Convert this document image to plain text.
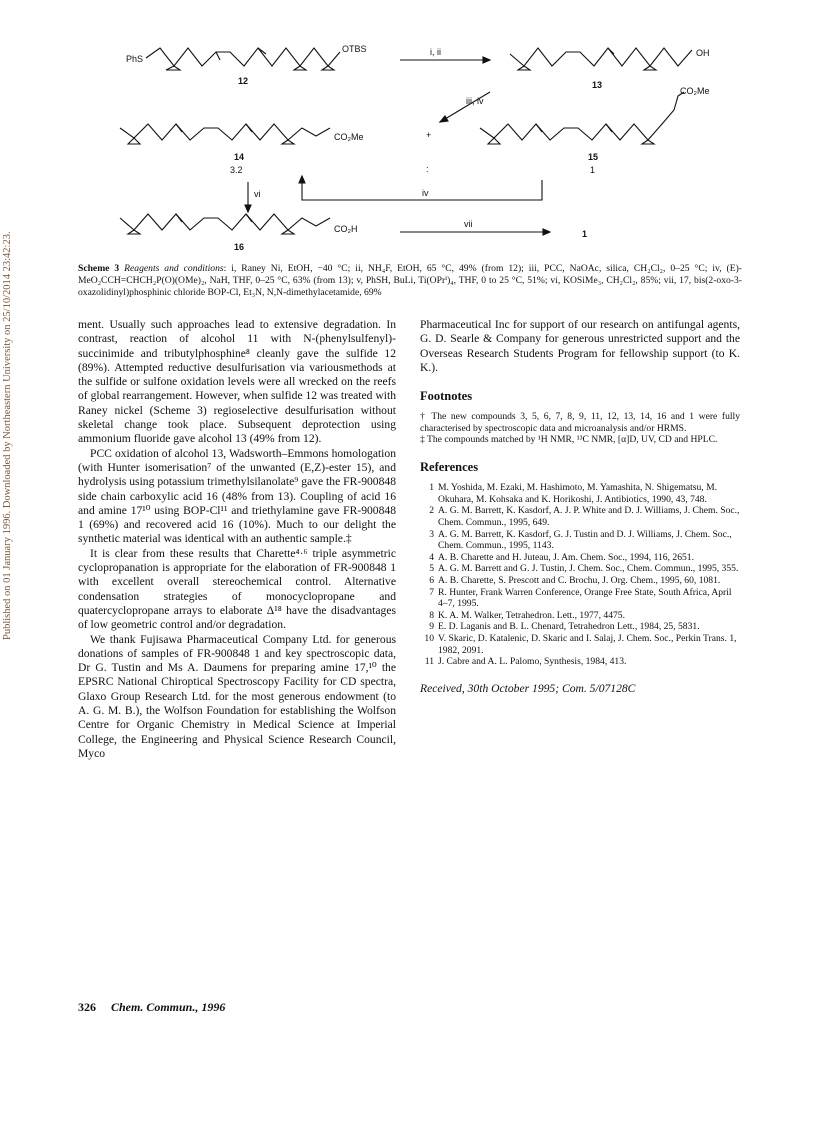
Published on 01 January 1996. Downloaded by Northeastern University on 25/10/2014 23:42:23.
PhS
OTBS
12
i, ii	OH
13
iii, iv
CO₂Me
CO₂Me	+
14
3.2	:
15
1
vi	iv
CO₂H	vii
1
16
Scheme 3 Reagents and conditions: i, Raney Ni, EtOH, −40 °C; ii, NH₄F, EtOH, 65 °C, 49% (from 12); iii, PCC, NaOAc, silica, CH₂Cl₂, 0–25 °C; iv, (E)-MeO₂CCH=CHCH₂P(O)(OMe)₂, NaH, THF, 0–25 °C, 63% (from 13); v, PhSH, BuLi, Ti(OPrⁱ)₄, THF, 0 to 25 °C, 51%; vi, KOSiMe₃, CH₂Cl₂, 85%; vii, 17, bis(2-oxo-3-oxazolidinyl)phosphinic chloride BOP-Cl, Et₃N, N,N-dimethylacetamide, 69%

ment. Usually such approaches lead to extensive degradation. In contrast, reaction of alcohol 11 with N-(phenylsulfenyl)-succinimide and tributylphosphine⁸ cleanly gave the sulfide 12 (89%). Attempted reductive desulfurisation via variousmethods at the sulfide or sulfone oxidation levels were all wrecked on the reefs of global rearrangement. However, when sulfide 12 was treated with Raney nickel (Scheme 3) regioselective desulfurisation without skeletal change took place. Subsequent deprotection using ammonium fluoride gave alcohol 13 (49% from 12).

PCC oxidation of alcohol 13, Wadsworth–Emmons homologation (with Hunter isomerisation⁷ of the unwanted (E,Z)-ester 15), and hydrolysis using potassium trimethylsilanolate⁹ gave the FR-900848 side chain carboxylic acid 16 (48% from 13). Coupling of acid 16 and amine 17¹⁰ using BOP-Cl¹¹ and triethylamine gave FR-900848 1 (69%) and recovered acid 16 (10%). Much to our delight the synthetic material was identical with an authentic sample.‡

It is clear from these results that Charette⁴·⁶ triple asymmetric cyclopropanation is appropriate for the elaboration of FR-900848 1 with excellent overall stereochemical control. Alternative condensation strategies of monocyclopropane and quatercyclopropane arrays to elaborate Δ¹⁸ have the disadvantages of low geometric control and/or degradation.

We thank Fujisawa Pharmaceutical Company Ltd. for generous donations of samples of FR-900848 1 and key spectroscopic data, Dr G. Tustin and Ms A. Daumens for preparing amine 17,¹⁰ the EPSRC National Chiroptical Spectroscopy Facility for CD spectra, Glaxo Group Research Ltd. for the most generous endowment (to A. G. M. B.), the Wolfson Foundation for establishing the Wolfson Centre for Organic Chemistry in Medical Science at Imperial College, the Engineering and Physical Science Research Council, Myco

Pharmaceutical Inc for support of our research on antifungal agents, G. D. Searle & Company for generous unrestricted support and the Overseas Research Students Program for fellowship support (to K. K.).

Footnotes

† The new compounds 3, 5, 6, 7, 8, 9, 11, 12, 13, 14, 16 and 1 were fully characterised by spectroscopic data and microanalysis and/or HRMS.

‡ The compounds matched by ¹H NMR, ¹³C NMR, [α]D, UV, CD and HPLC.

References
1 M. Yoshida, M. Ezaki, M. Hashimoto, M. Yamashita, N. Shigematsu, M. Okuhara, M. Kohsaka and K. Horikoshi, J. Antibiotics, 1990, 43, 748.
2 A. G. M. Barrett, K. Kasdorf, A. J. P. White and D. J. Williams, J. Chem. Soc., Chem. Commun., 1995, 649.
3 A. G. M. Barrett, K. Kasdorf, G. J. Tustin and D. J. Williams, J. Chem. Soc., Chem. Commun., 1995, 1143.
4 A. B. Charette and H. Juteau, J. Am. Chem. Soc., 1994, 116, 2651.
5 A. G. M. Barrett and G. J. Tustin, J. Chem. Soc., Chem. Commun., 1995, 355.
6 A. B. Charette, S. Prescott and C. Brochu, J. Org. Chem., 1995, 60, 1081.
7 R. Hunter, Frank Warren Conference, Orange Free State, South Africa, April 4–7, 1995.
8 K. A. M. Walker, Tetrahedron. Lett., 1977, 4475.
9 E. D. Laganis and B. L. Chenard, Tetrahedron Lett., 1984, 25, 5831.
10 V. Skaric, D. Katalenic, D. Skaric and I. Salaj, J. Chem. Soc., Perkin Trans. 1, 1982, 2091.
11 J. Cabre and A. L. Palomo, Synthesis, 1984, 413.

Received, 30th October 1995; Com. 5/07128C

326 Chem. Commun., 1996
